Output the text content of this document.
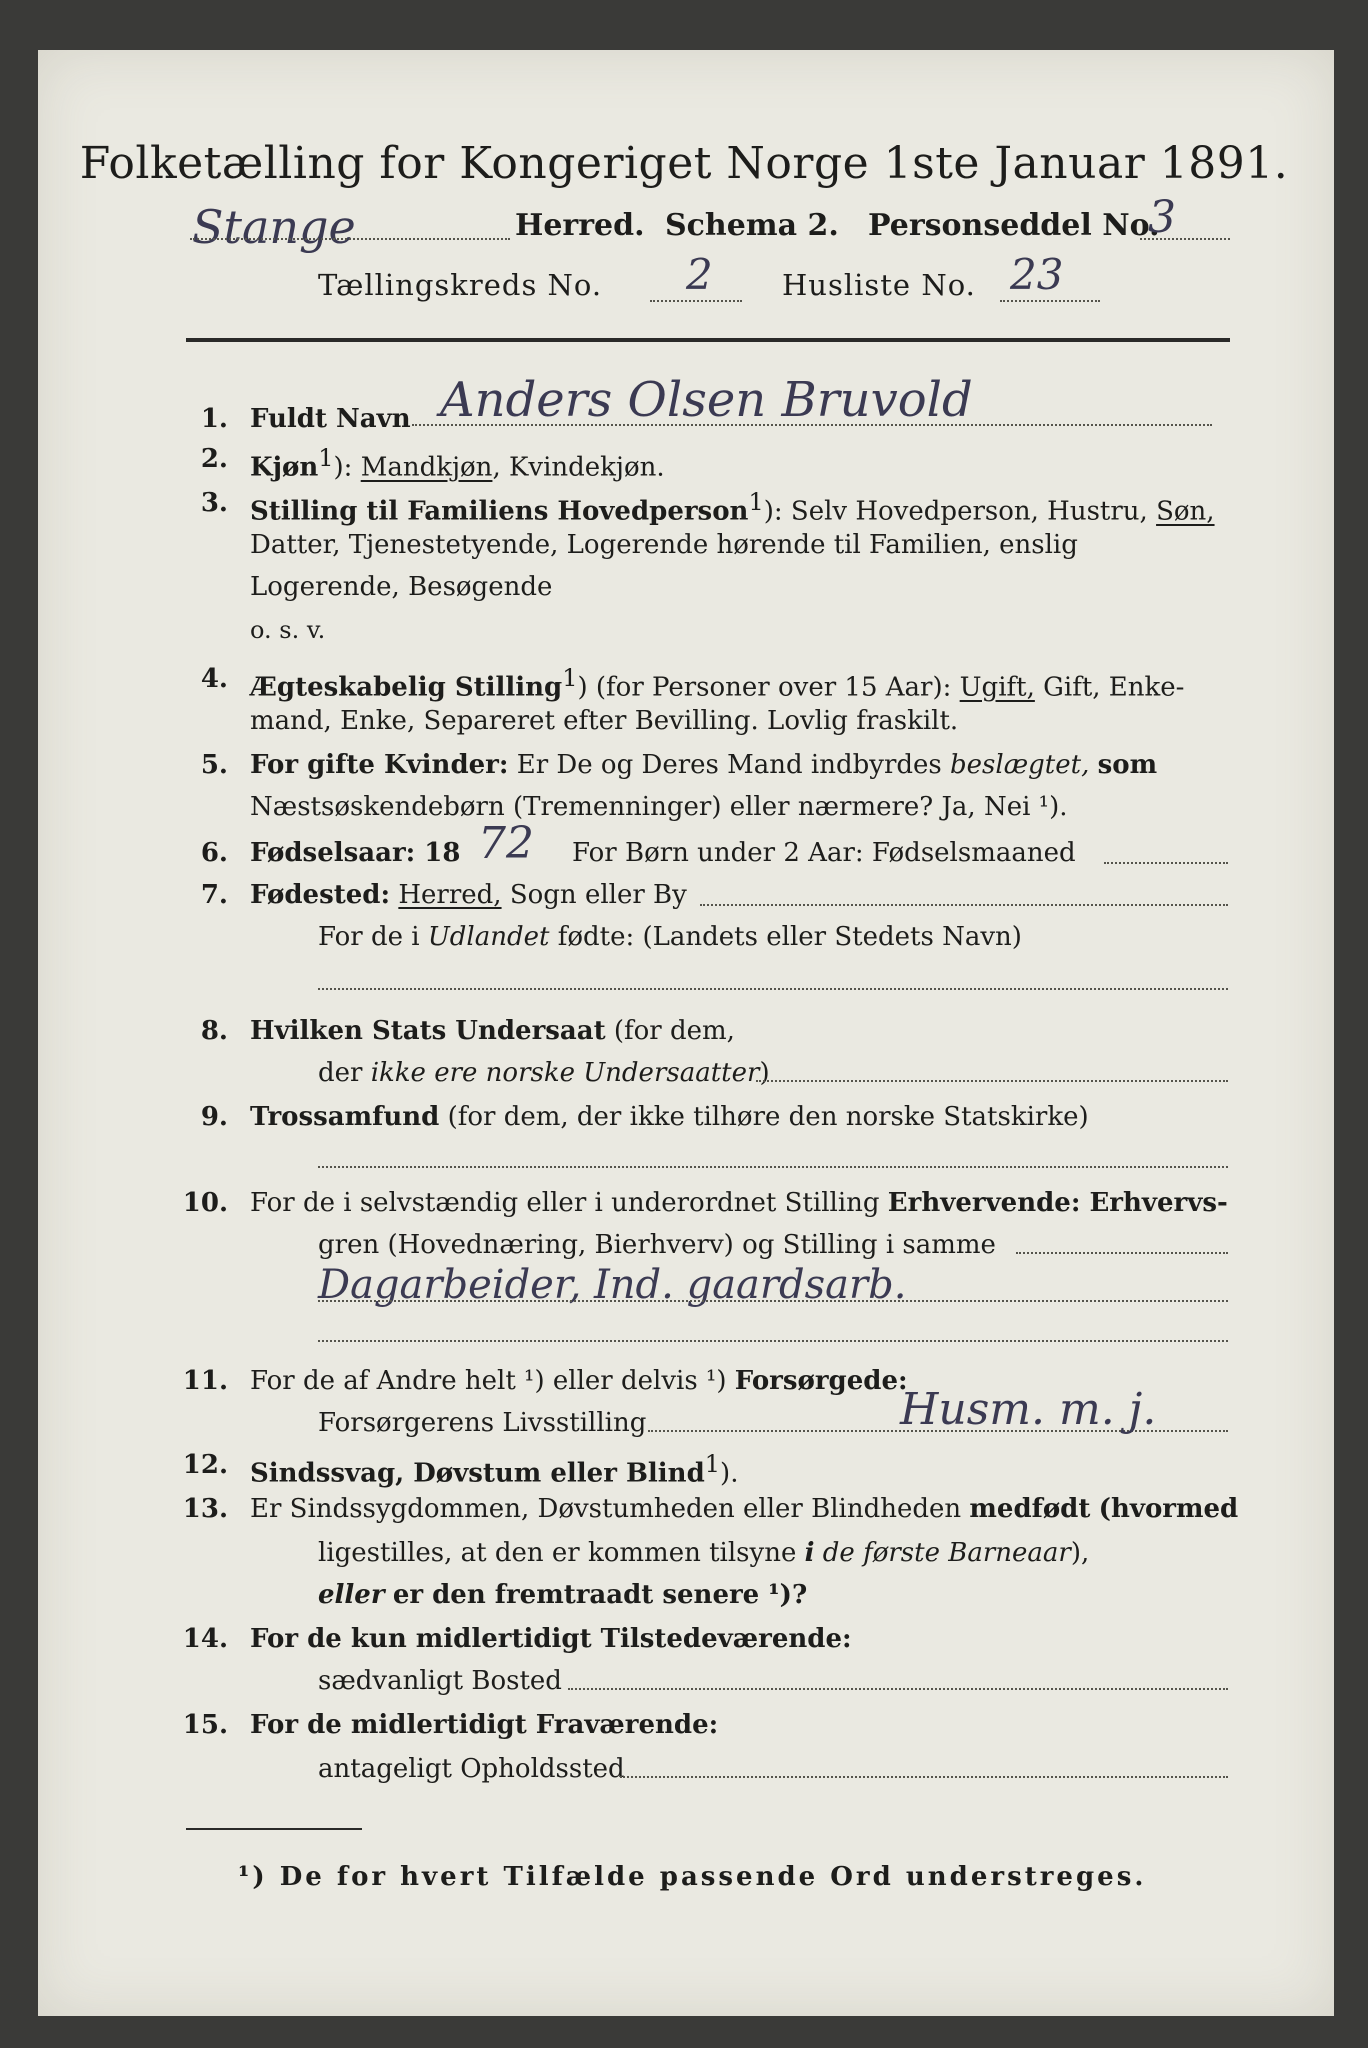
Folketælling for Kongeriget Norge 1ste Januar 1891.
Stange	Herred. Schema 2. Personseddel No.
3
Tællingskreds No. 2 Husliste No. 23
1. Fuldt Navn Anders Olsen Bruvold
2. Kjøn$^1$): Mandkjøn, Kvindekjøn.
3. Stilling til Familiens Hovedperson$^1$): Selv Hovedperson, Hustru, Søn,
Datter, Tjenestetyende, Logerende hørende til Familien, enslig
Logerende, Besøgende
o. s. v.
4. Ægteskabelig Stilling$^1$) (for Personer over 15 Aar): Ugift, Gift, Enke-
mand, Enke, Separeret efter Bevilling. Lovlig fraskilt.
5. For gifte Kvinder: Er De og Deres Mand indbyrdes beslægtet, som
Næstsøskendebørn (Tremenninger) eller nærmere? Ja, Nei ¹).
6. Fødselsaar: 18 72 For Børn under 2 Aar: Fødselsmaaned
7. Fødested: Herred, Sogn eller By
For de i Udlandet fødte: (Landets eller Stedets Navn)
8. Hvilken Stats Undersaat (for dem,
der ikke ere norske Undersaatter)
9. Trossamfund (for dem, der ikke tilhøre den norske Statskirke)
10. For de i selvstændig eller i underordnet Stilling Erhvervende: Erhvervs-
gren (Hovednæring, Bierhverv) og Stilling i samme
Dagarbeider, Ind. gaardsarb.
11. For de af Andre helt ¹) eller delvis ¹) Forsørgede:
Forsørgerens Livsstilling	Husm. m. j.
12. Sindssvag, Døvstum eller Blind$^1$).
13. Er Sindssygdommen, Døvstumheden eller Blindheden medfødt (hvormed
ligestilles, at den er kommen tilsyne i de første Barneaar),
eller er den fremtraadt senere ¹)?
14. For de kun midlertidigt Tilstedeværende:
sædvanligt Bosted
15. For de midlertidigt Fraværende:
antageligt Opholdssted
¹) De for hvert Tilfælde passende Ord understreges.
